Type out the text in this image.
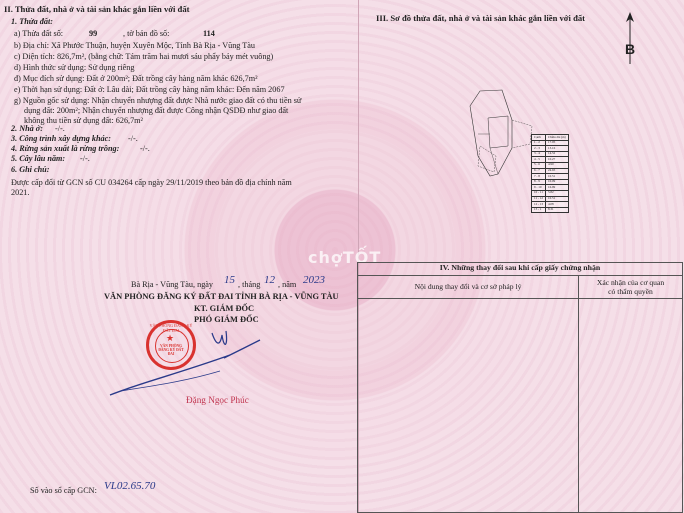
II. Thửa đất, nhà ở và tài sản khác gắn liền với đất
1. Thửa đất:
a) Thửa đất số:	99	, tờ bản đồ số:	114
b) Địa chỉ: Xã Phước Thuận, huyện Xuyên Mộc, Tỉnh Bà Rịa - Vũng Tàu
c) Diện tích: 826,7m², (bằng chữ: Tám trăm hai mươi sáu phẩy bảy mét vuông)
d) Hình thức sử dụng: Sử dụng riêng
đ) Mục đích sử dụng: Đất ở 200m²; Đất trồng cây hàng năm khác 626,7m²
e) Thời hạn sử dụng: Đất ở: Lâu dài; Đất trồng cây hàng năm khác: Đến năm 2067
g) Nguồn gốc sử dụng: Nhận chuyển nhượng đất được Nhà nước giao đất có thu tiền sử
dụng đất: 200m²; Nhận chuyển nhượng đất được Công nhận QSDĐ như giao đất
không thu tiền sử dụng đất: 626,7m²
2. Nhà ở: -/-.
3. Công trình xây dựng khác: -/-.
4. Rừng sản xuất là rừng trồng:	-/-.
5. Cây lâu năm: -/-.
6. Ghi chú:
Được cấp đổi từ GCN số CU 034264 cấp ngày 29/11/2019 theo bản đồ địa chính năm
2021.
Bà Rịa - Vũng Tàu, ngày 15 , tháng 12 , năm 2023
VĂN PHÒNG ĐĂNG KÝ ĐẤT ĐAI TỈNH BÀ RỊA - VŨNG TÀU
KT. GIÁM ĐỐC
PHÓ GIÁM ĐỐC
VĂN PHÒNG ĐĂNG KÝ ĐẤT ĐAI
★
VĂN PHÒNG ĐĂNG KÝ ĐẤT ĐAI
Đặng Ngọc Phúc
Số vào sổ cấp GCN: VL02.65.70
III. Sơ đồ thửa đất, nhà ở và tài sản khác gắn liền với đất
B
Cạnh	Chiều dài (m)
1 - 2	17.05
2 - 3	13.16
3 - 4	14.52
4 - 5	10.27
5 - 6	4.90
6 - 7	24.65
7 - 8	10.51
8 - 9	10.09
9 - 10	16.99
10 - 11	5.82
11 - 12	10.51
12 - 13	4.08
13 - 1	8.31
chợTỐT
IV. Những thay đổi sau khi cấp giấy chứng nhận	

Nội dung thay đổi và cơ sở pháp lý	Xác nhận của cơ quan
có thẩm quyền
